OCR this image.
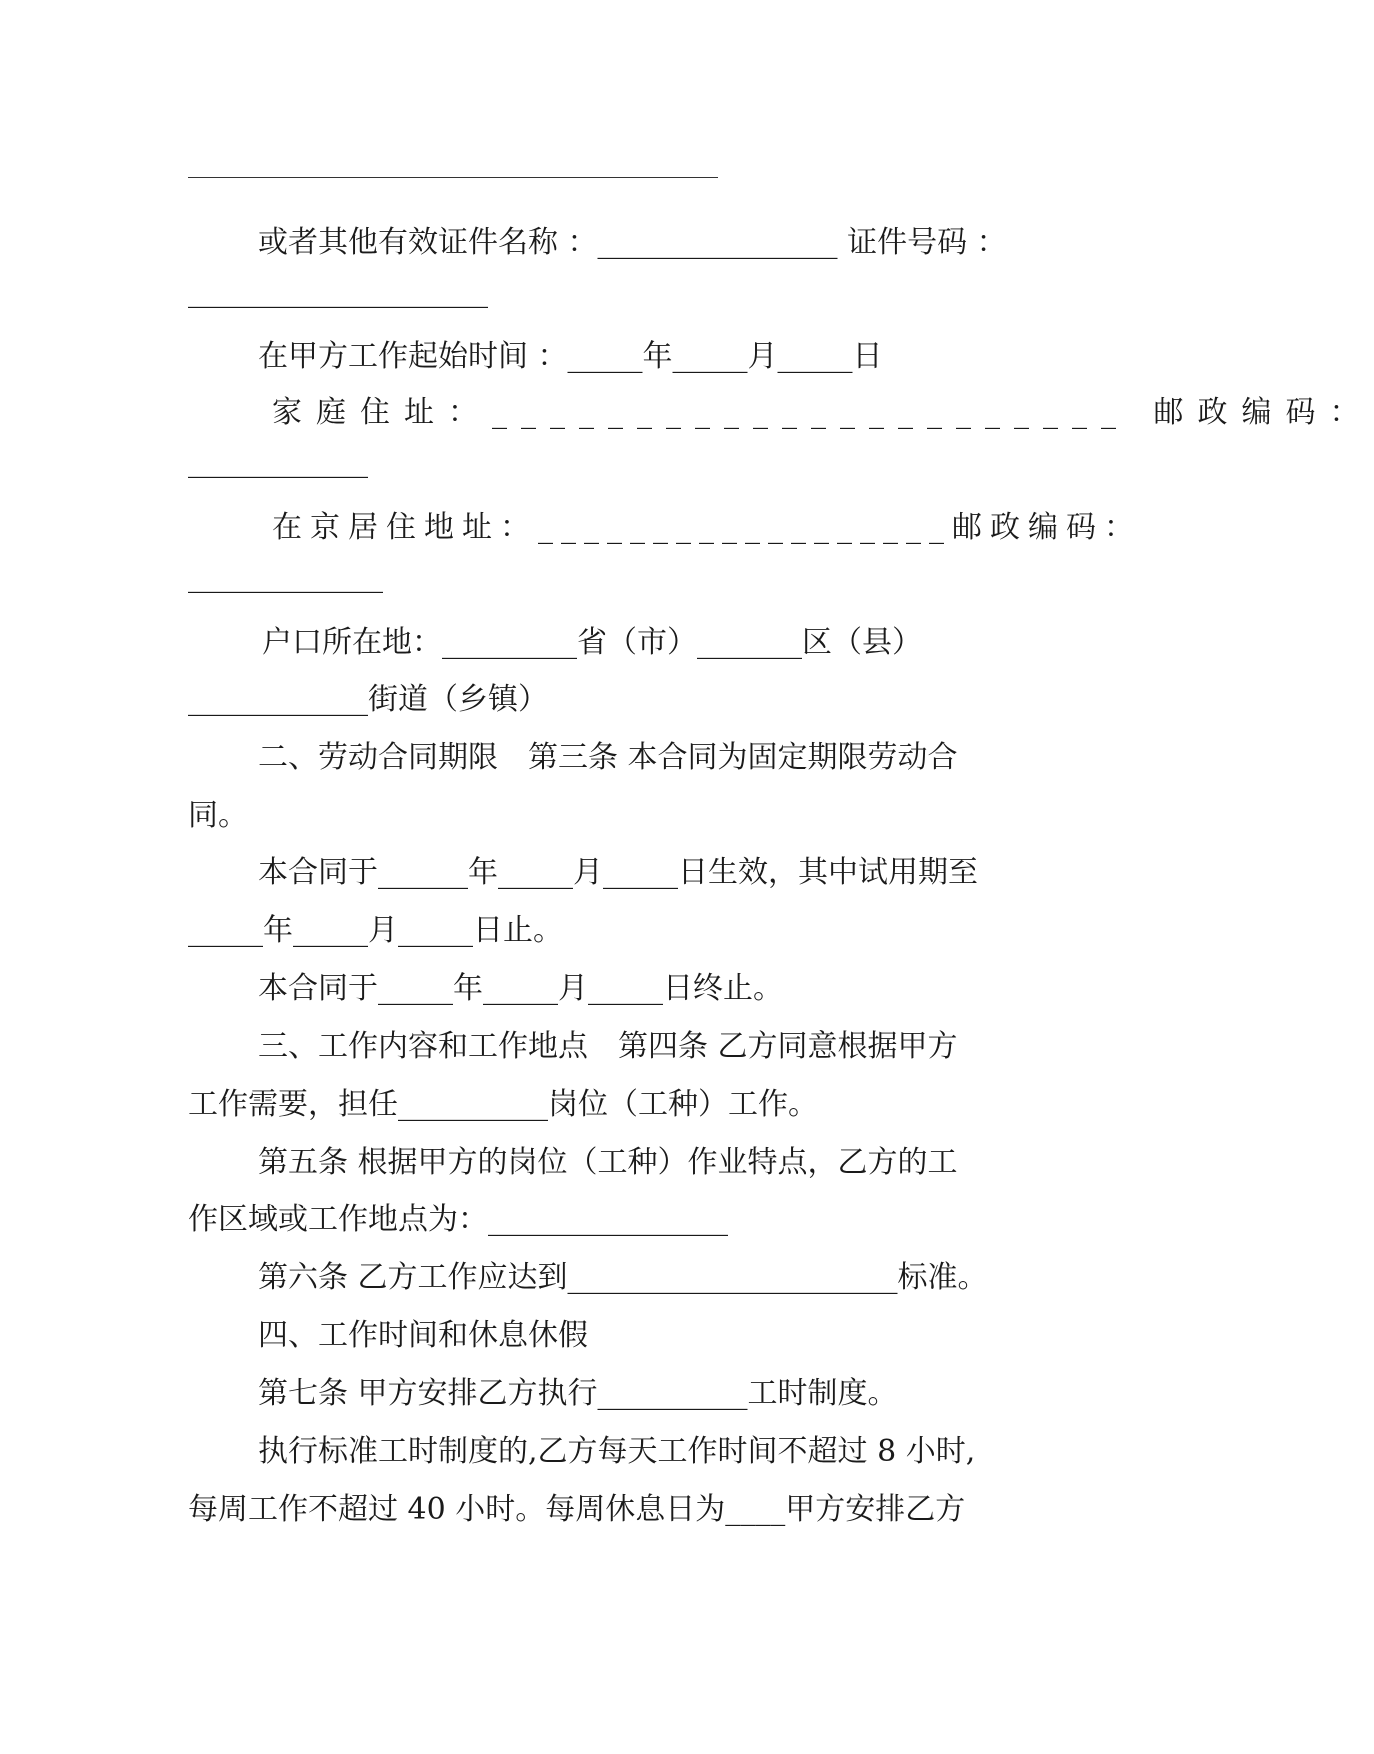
或者其他有效证件名称 ：________________ 证件号码 ：
____________________
在甲方工作起始时间 ：_____年_____月_____日
家庭住址：______________________ 邮政编码：
____________
在京居住地址：__________________邮政编码：
_____________
户口所在地：_________省（市）_______区（县）
____________街道（乡镇）
二、劳动合同期限　第三条 本合同为固定期限劳动合
同。
本合同于______年_____月_____日生效，其中试用期至
_____年_____月_____日止。
本合同于_____年_____月_____日终止。
三、工作内容和工作地点　第四条 乙方同意根据甲方
工作需要，担任__________岗位（工种）工作。
第五条 根据甲方的岗位（工种）作业特点，乙方的工
作区域或工作地点为：________________
第六条 乙方工作应达到______________________标准。
四、工作时间和休息休假
第七条 甲方安排乙方执行__________工时制度。
执行标准工时制度的,乙方每天工作时间不超过 8 小时,
每周工作不超过 40 小时。每周休息日为____甲方安排乙方
